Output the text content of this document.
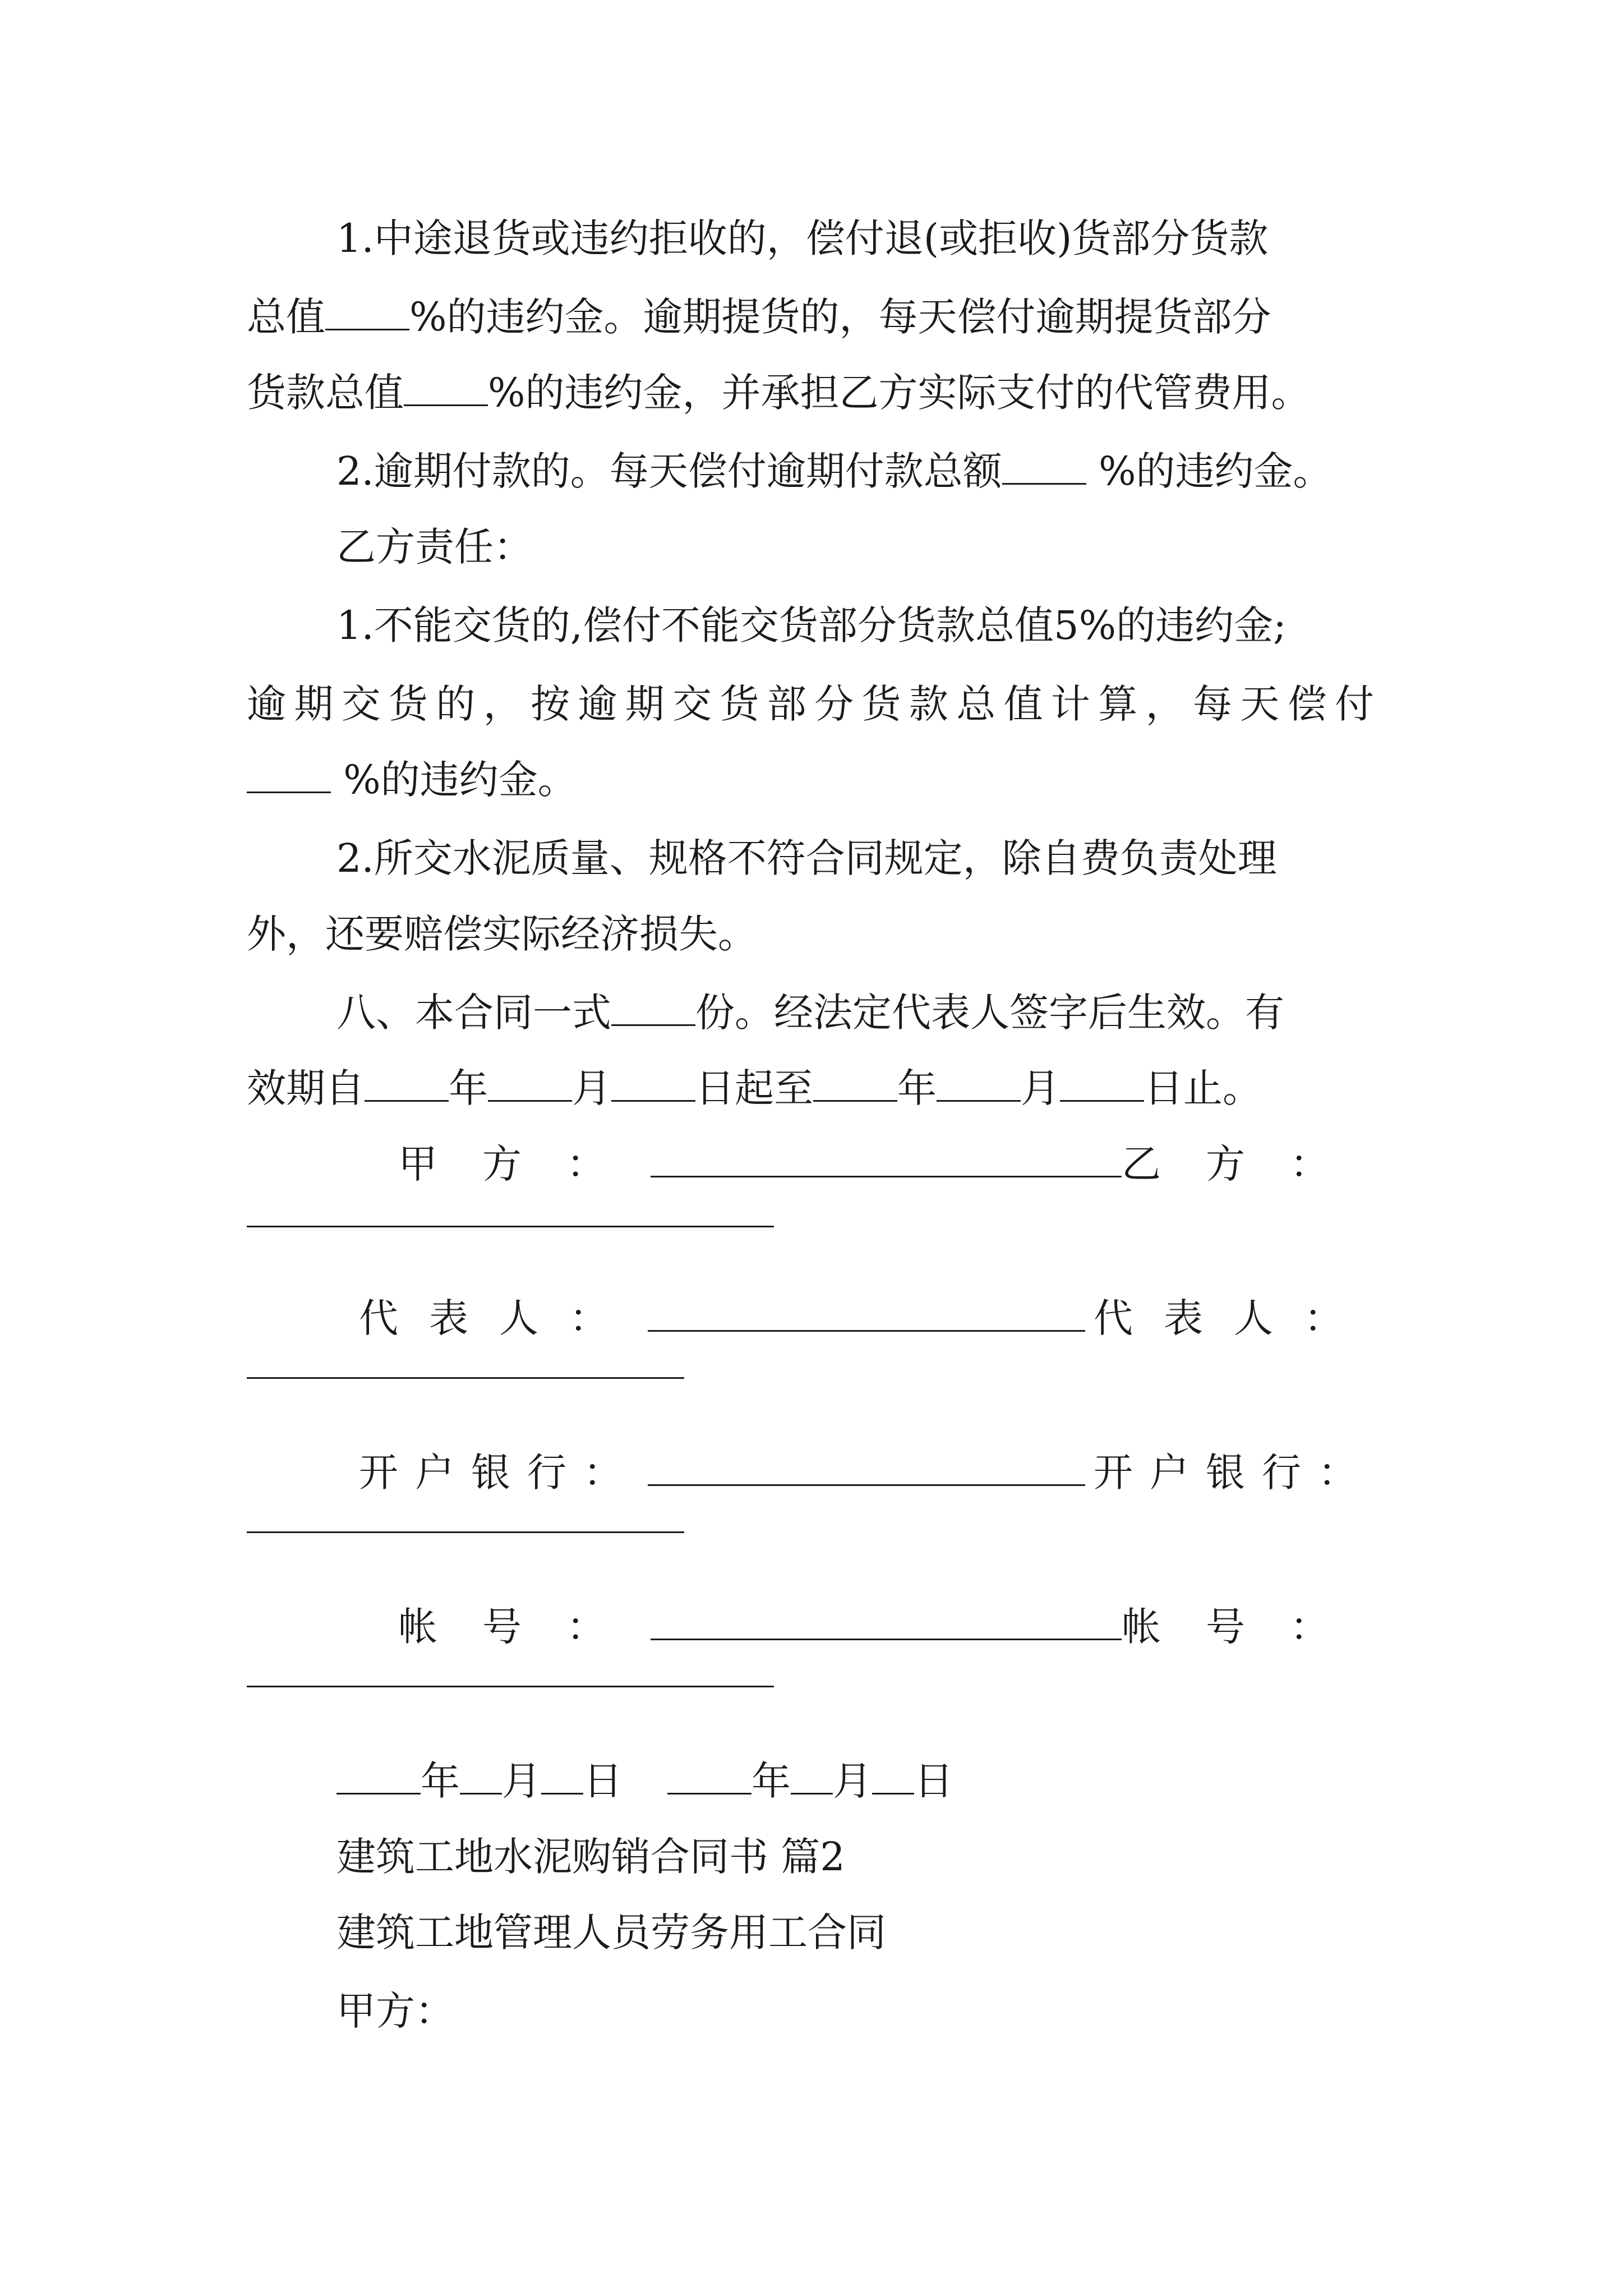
1.中途退货或违约拒收的，偿付退(或拒收)货部分货款
总值 %的违约金。逾期提货的，每天偿付逾期提货部分
货款总值 %的违约金，并承担乙方实际支付的代管费用。
2.逾期付款的。每天偿付逾期付款总额 %的违约金。
乙方责任：
1.不能交货的,偿付不能交货部分货款总值5%的违约金;
逾期交货的，按逾期交货部分货款总值计算，每天偿付
%的违约金。
2.所交水泥质量、规格不符合同规定，除自费负责处理
外，还要赔偿实际经济损失。
八、本合同一式 份。经法定代表人签字后生效。有
效期自 年 月 日起至 年 月 日止。
甲方：	乙方：
代表人：	代表人：
开户银行：	开户银行：
帐号：	帐号：
年 月 日	年 月 日
建筑工地水泥购销合同书 篇2
建筑工地管理人员劳务用工合同
甲方：
